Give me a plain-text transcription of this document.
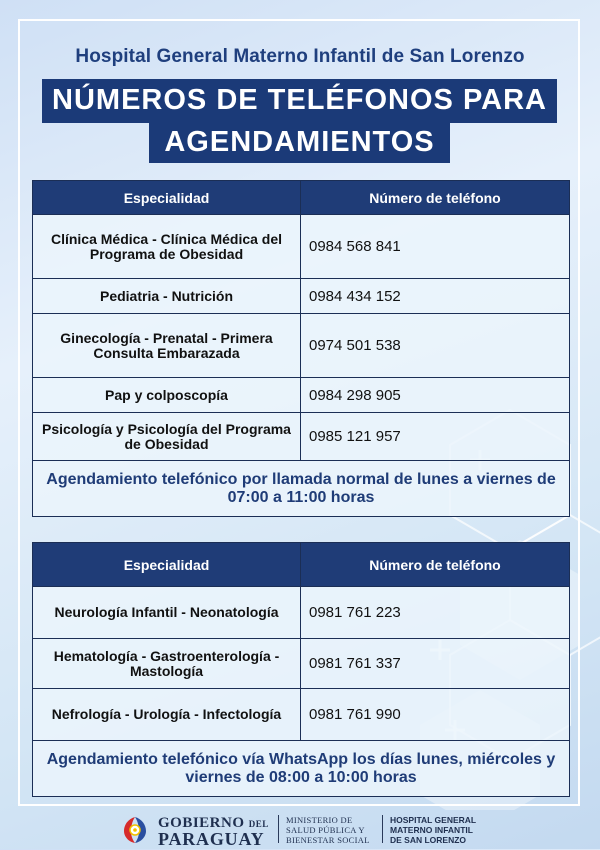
Hospital General Materno Infantil de San Lorenzo
NÚMEROS DE TELÉFONOS PARA
AGENDAMIENTOS
Especialidad	Número de teléfono
Clínica Médica - Clínica Médica del Programa de Obesidad	0984 568 841
Pediatria - Nutrición	0984 434 152
Ginecología - Prenatal - Primera Consulta Embarazada	0974 501 538
Pap y colposcopía	0984 298 905
Psicología y Psicología del Programa de Obesidad	0985 121 957
Agendamiento telefónico por llamada normal de lunes a viernes de 07:00 a 11:00 horas	
Especialidad	Número de teléfono
Neurología Infantil - Neonatología	0981 761 223
Hematología - Gastroenterología - Mastología	0981 761 337
Nefrología - Urología - Infectología	0981 761 990
Agendamiento telefónico vía WhatsApp los días lunes, miércoles y viernes de 08:00 a 10:00 horas	
GOBIERNO DEL
PARAGUAY
MINISTERIO DE
SALUD PÚBLICA Y
BIENESTAR SOCIAL
HOSPITAL GENERAL
MATERNO INFANTIL
DE SAN LORENZO
